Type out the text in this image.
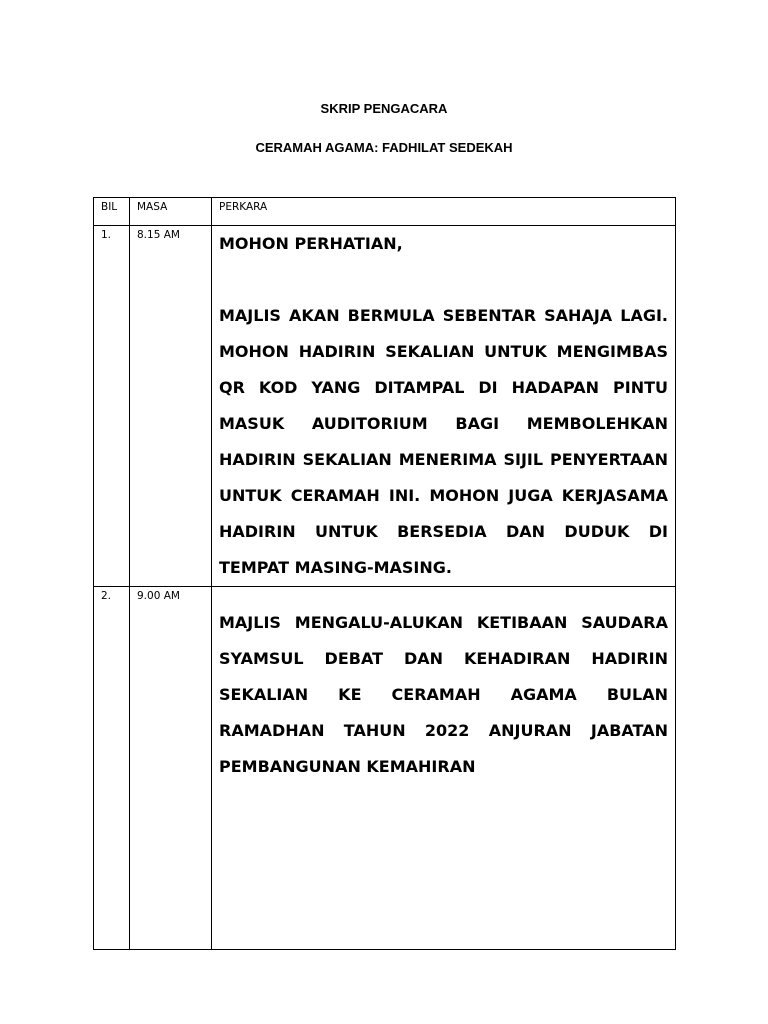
SKRIP PENGACARA
CERAMAH AGAMA: FADHILAT SEDEKAH
BIL	MASA	PERKARA
1.	8.15 AM	MOHON PERHATIAN,

MAJLIS AKAN BERMULA SEBENTAR SAHAJA LAGI. MOHON HADIRIN SEKALIAN UNTUK MENGIMBAS QR KOD YANG DITAMPAL DI HADAPAN PINTU MASUK AUDITORIUM BAGI MEMBOLEHKAN HADIRIN SEKALIAN MENERIMA SIJIL PENYERTAAN UNTUK CERAMAH INI. MOHON JUGA KERJASAMA HADIRIN UNTUK BERSEDIA DAN DUDUK DI TEMPAT MASING-MASING.

2.	9.00 AM	MAJLIS MENGALU-ALUKAN KETIBAAN SAUDARA SYAMSUL DEBAT DAN KEHADIRAN HADIRIN SEKALIAN KE CERAMAH AGAMA BULAN RAMADHAN TAHUN 2022 ANJURAN JABATAN PEMBANGUNAN KEMAHIRAN
